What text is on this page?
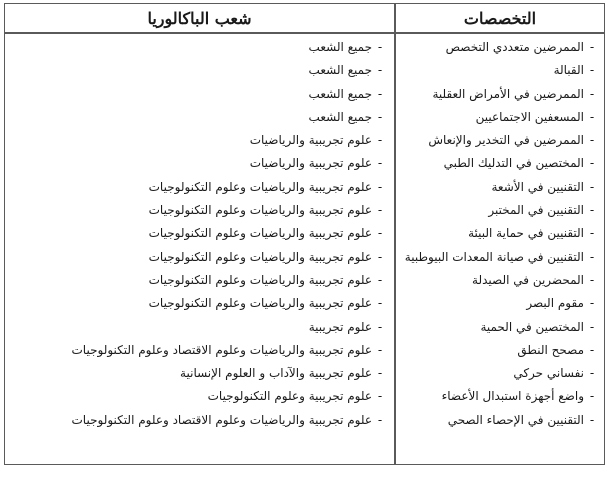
التخصصات
شعب الباكالوريا
-الممرضين متعددي التخصص
-جميع الشعب
-القبالة
-جميع الشعب
-الممرضين في الأمراض العقلية
-جميع الشعب
-المسعفين الاجتماعيين
-جميع الشعب
-الممرضين في التخدير والإنعاش
-علوم تجريبية والرياضيات
-المختصين في التدليك الطبي
-علوم تجريبية والرياضيات
-التقنيين في الأشعة
-علوم تجريبية والرياضيات وعلوم التكنولوجيات
-التقنيين في المختبر
-علوم تجريبية والرياضيات وعلوم التكنولوجيات
-التقنيين في حماية البيئة
-علوم تجريبية والرياضيات وعلوم التكنولوجيات
-التقنيين في صيانة المعدات البيوطبية
-علوم تجريبية والرياضيات وعلوم التكنولوجيات
-المحضرين في الصيدلة
-علوم تجريبية والرياضيات وعلوم التكنولوجيات
-مقوم البصر
-علوم تجريبية والرياضيات وعلوم التكنولوجيات
-المختصين في الحمية
-علوم تجريبية
-مصحح النطق
-علوم تجريبية والرياضيات وعلوم الاقتصاد وعلوم التكنولوجيات
-نفساني حركي
-علوم تجريبية والآداب و العلوم الإنسانية
-واضع أجهزة استبدال الأعضاء
-علوم تجريبية وعلوم التكنولوجيات
-التقنيين في الإحصاء الصحي
-علوم تجريبية والرياضيات وعلوم الاقتصاد وعلوم التكنولوجيات
